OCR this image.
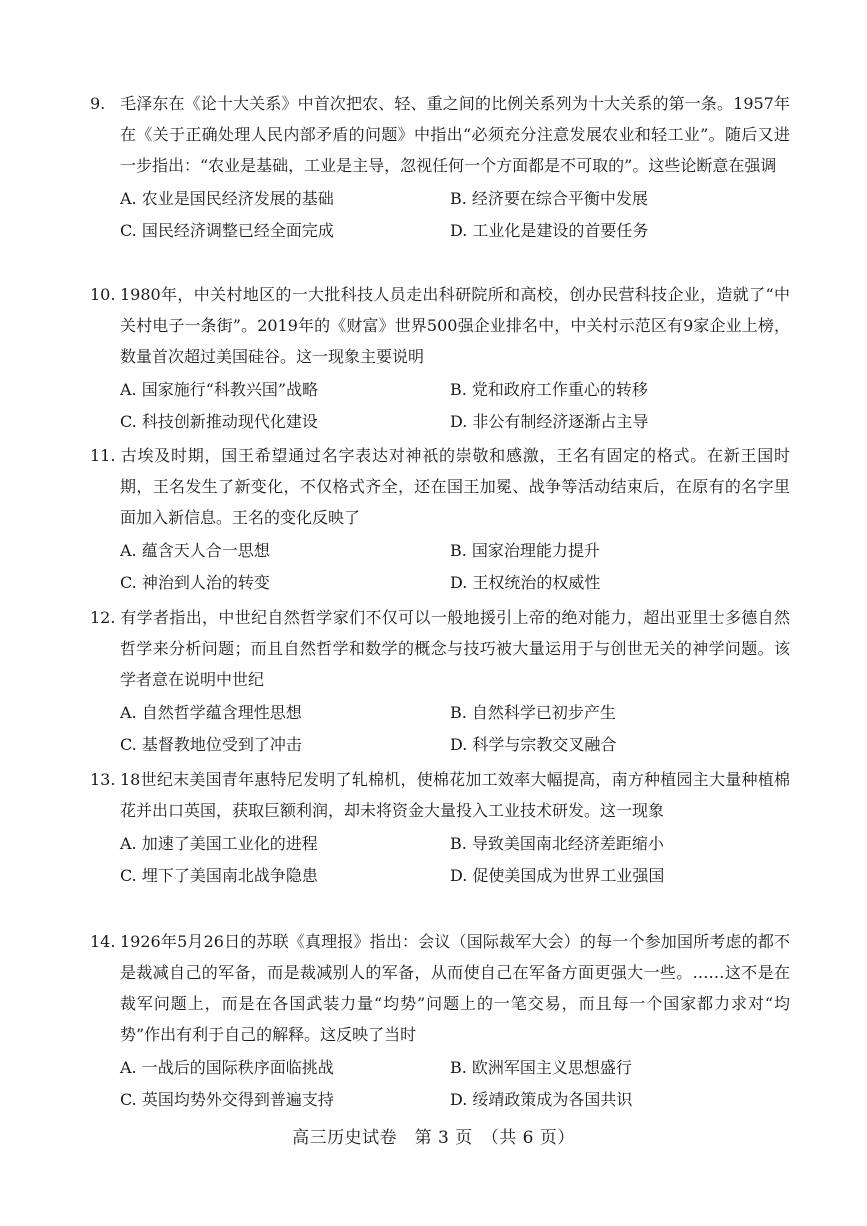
9. 毛泽东在《论十大关系》中首次把农、轻、重之间的比例关系列为十大关系的第一条。1957年在《关于正确处理人民内部矛盾的问题》中指出“必须充分注意发展农业和轻工业”。随后又进一步指出：“农业是基础，工业是主导，忽视任何一个方面都是不可取的”。这些论断意在强调

A. 农业是国民经济发展的基础	B. 经济要在综合平衡中发展
C. 国民经济调整已经全面完成	D. 工业化是建设的首要任务

10. 1980年，中关村地区的一大批科技人员走出科研院所和高校，创办民营科技企业，造就了“中关村电子一条街”。2019年的《财富》世界500强企业排名中，中关村示范区有9家企业上榜，数量首次超过美国硅谷。这一现象主要说明

A. 国家施行“科教兴国”战略	B. 党和政府工作重心的转移
C. 科技创新推动现代化建设	D. 非公有制经济逐渐占主导

11. 古埃及时期，国王希望通过名字表达对神祇的崇敬和感激，王名有固定的格式。在新王国时期，王名发生了新变化，不仅格式齐全，还在国王加冕、战争等活动结束后，在原有的名字里面加入新信息。王名的变化反映了

A. 蕴含天人合一思想	B. 国家治理能力提升
C. 神治到人治的转变	D. 王权统治的权威性

12. 有学者指出，中世纪自然哲学家们不仅可以一般地援引上帝的绝对能力，超出亚里士多德自然哲学来分析问题；而且自然哲学和数学的概念与技巧被大量运用于与创世无关的神学问题。该学者意在说明中世纪

A. 自然哲学蕴含理性思想	B. 自然科学已初步产生
C. 基督教地位受到了冲击	D. 科学与宗教交叉融合

13. 18世纪末美国青年惠特尼发明了轧棉机，使棉花加工效率大幅提高，南方种植园主大量种植棉花并出口英国，获取巨额利润，却未将资金大量投入工业技术研发。这一现象

A. 加速了美国工业化的进程	B. 导致美国南北经济差距缩小
C. 埋下了美国南北战争隐患	D. 促使美国成为世界工业强国

14. 1926年5月26日的苏联《真理报》指出：会议（国际裁军大会）的每一个参加国所考虑的都不是裁减自己的军备，而是裁减别人的军备，从而使自己在军备方面更强大一些。……这不是在裁军问题上，而是在各国武装力量“均势”问题上的一笔交易，而且每一个国家都力求对“均势”作出有利于自己的解释。这反映了当时

A. 一战后的国际秩序面临挑战	B. 欧洲军国主义思想盛行
C. 英国均势外交得到普遍支持	D. 绥靖政策成为各国共识
高三历史试卷　第 3 页　（共 6 页）
